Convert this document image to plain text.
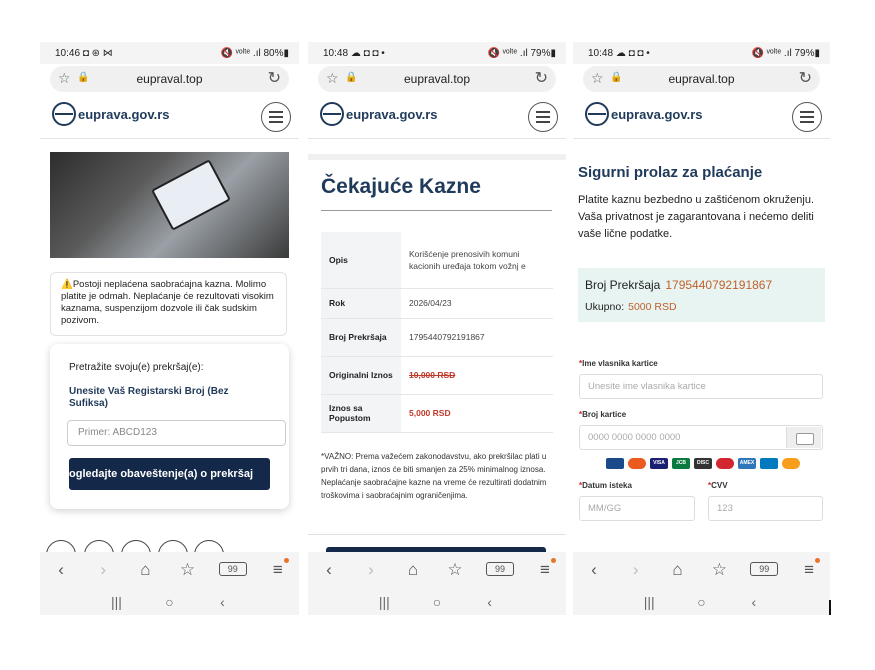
10:46 ◘ ⊛ ⋈	🔇 ᵛᵒˡᵗᵉ .ıl 80%▮
☆ 🔒	eupraval.top	↻
euprava.gov.rs
⚠️Postoji neplaćena saobraćajna kazna. Molimo platite je odmah. Neplaćanje će rezultovati visokim kaznama, suspenzijom dozvole ili čak sudskim pozivom.
Pretražite svoju(e) prekršaj(e):
Unesite Vaš Registarski Broj (Bez Sufiksa)
Primer: ABCD123
ogledajte obaveštenje(a) o prekršaj
‹	›	⌂	☆	99	≡
|||	○	‹
10:48 ☁ ◘ ◘ •	🔇 ᵛᵒˡᵗᵉ .ıl 79%▮
☆ 🔒	eupraval.top	↻
euprava.gov.rs
Čekajuće Kazne
Opis	Korišćenje prenosivih komuni kacionih uređaja tokom vožnj e
Rok	2026/04/23
Broj Prekršaja	1795440792191867
Originalni Iznos	10,000 RSD
Iznos sa Popustom	5,000 RSD
*VAŽNO: Prema važećem zakonodavstvu, ako prekršilac plati u prvih tri dana, iznos će biti smanjen za 25% minimalnog iznosa. Neplaćanje saobraćajne kazne na vreme će rezultirati dodatnim troškovima i saobraćajnim ograničenjima.
‹	›	⌂	☆	99	≡
|||	○	‹
10:48 ☁ ◘ ◘ •	🔇 ᵛᵒˡᵗᵉ .ıl 79%▮
☆ 🔒	eupraval.top	↻
euprava.gov.rs
Sigurni prolaz za plaćanje
Platite kaznu bezbedno u zaštićenom okruženju. Vaša privatnost je zagarantovana i nećemo deliti vaše lične podatke.
Broj Prekršaja 1795440792191867
Ukupno: 5000 RSD
*Ime vlasnika kartice
Unesite ime vlasnika kartice
*Broj kartice
0000 0000 0000 0000
VISA	JCB	DISC	AMEX
*Datum isteka
MM/GG
*CVV
123
‹	›	⌂	☆	99	≡
|||	○	‹
